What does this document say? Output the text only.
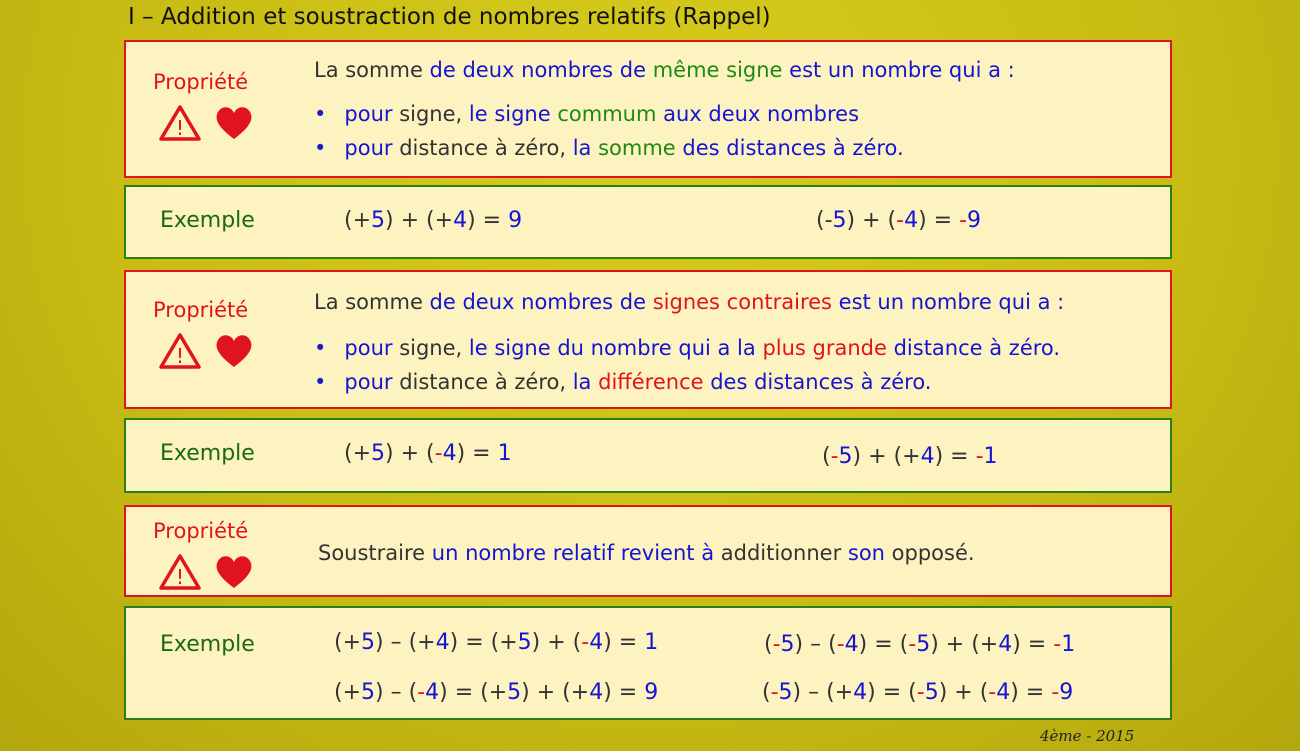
I – Addition et soustraction de nombres relatifs (Rappel)
Propriété
!
La somme de deux nombres de même signe est un nombre qui a :
• pour signe, le signe commum aux deux nombres
• pour distance à zéro, la somme des distances à zéro.
Exemple	(+5) + (+4) = 9	(-5) + (-4) = -9
Propriété
!
La somme de deux nombres de signes contraires est un nombre qui a :
• pour signe, le signe du nombre qui a la plus grande distance à zéro.
• pour distance à zéro, la différence des distances à zéro.
Exemple	(+5) + (-4) = 1	(-5) + (+4) = -1
Propriété
!
Soustraire un nombre relatif revient à additionner son opposé.
Exemple	(+5) – (+4) = (+5) + (-4) = 1	(-5) – (-4) = (-5) + (+4) = -1
(+5) – (-4) = (+5) + (+4) = 9	(-5) – (+4) = (-5) + (-4) = -9
4ème - 2015
